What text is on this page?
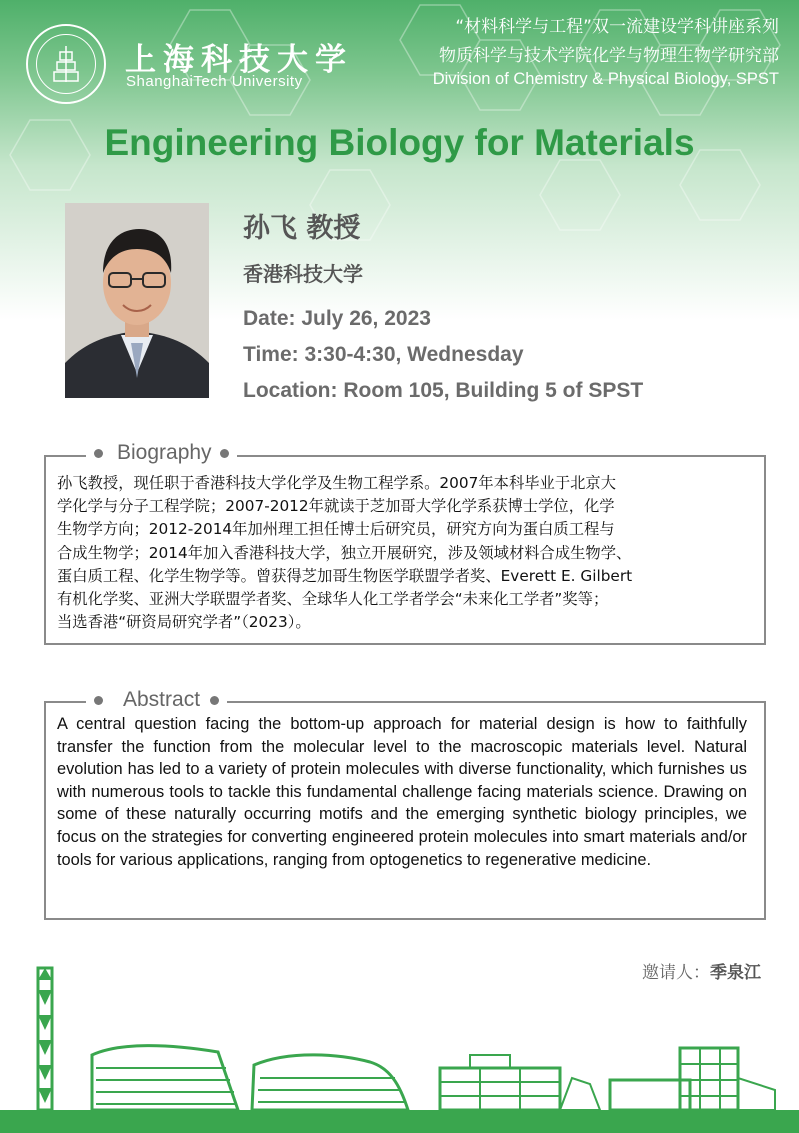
上海科技大学
ShanghaiTech University
“材料科学与工程”双一流建设学科讲座系列
物质科学与技术学院化学与物理生物学研究部
Division of Chemistry & Physical Biology, SPST
Engineering Biology for Materials
孙飞 教授
香港科技大学
Date: July 26, 2023
Time: 3:30-4:30, Wednesday
Location: Room 105, Building 5 of SPST
Biography
孙飞教授，现任职于香港科技大学化学及生物工程学系。2007年本科毕业于北京大
学化学与分子工程学院；2007-2012年就读于芝加哥大学化学系获博士学位，化学
生物学方向；2012-2014年加州理工担任博士后研究员，研究方向为蛋白质工程与
合成生物学；2014年加入香港科技大学，独立开展研究，涉及领域材料合成生物学、
蛋白质工程、化学生物学等。曾获得芝加哥生物医学联盟学者奖、Everett E. Gilbert
有机化学奖、亚洲大学联盟学者奖、全球华人化工学者学会“未来化工学者”奖等；
当选香港“研资局研究学者”（2023）。
Abstract
A central question facing the bottom-up approach for material design is how to faithfully transfer the function from the molecular level to the macroscopic materials level. Natural evolution has led to a variety of protein molecules with diverse functionality, which furnishes us with numerous tools to tackle this fundamental challenge facing materials science. Drawing on some of these naturally occurring motifs and the emerging synthetic biology principles, we focus on the strategies for converting engineered protein molecules into smart materials and/or tools for various applications, ranging from optogenetics to regenerative medicine.
邀请人：季泉江
